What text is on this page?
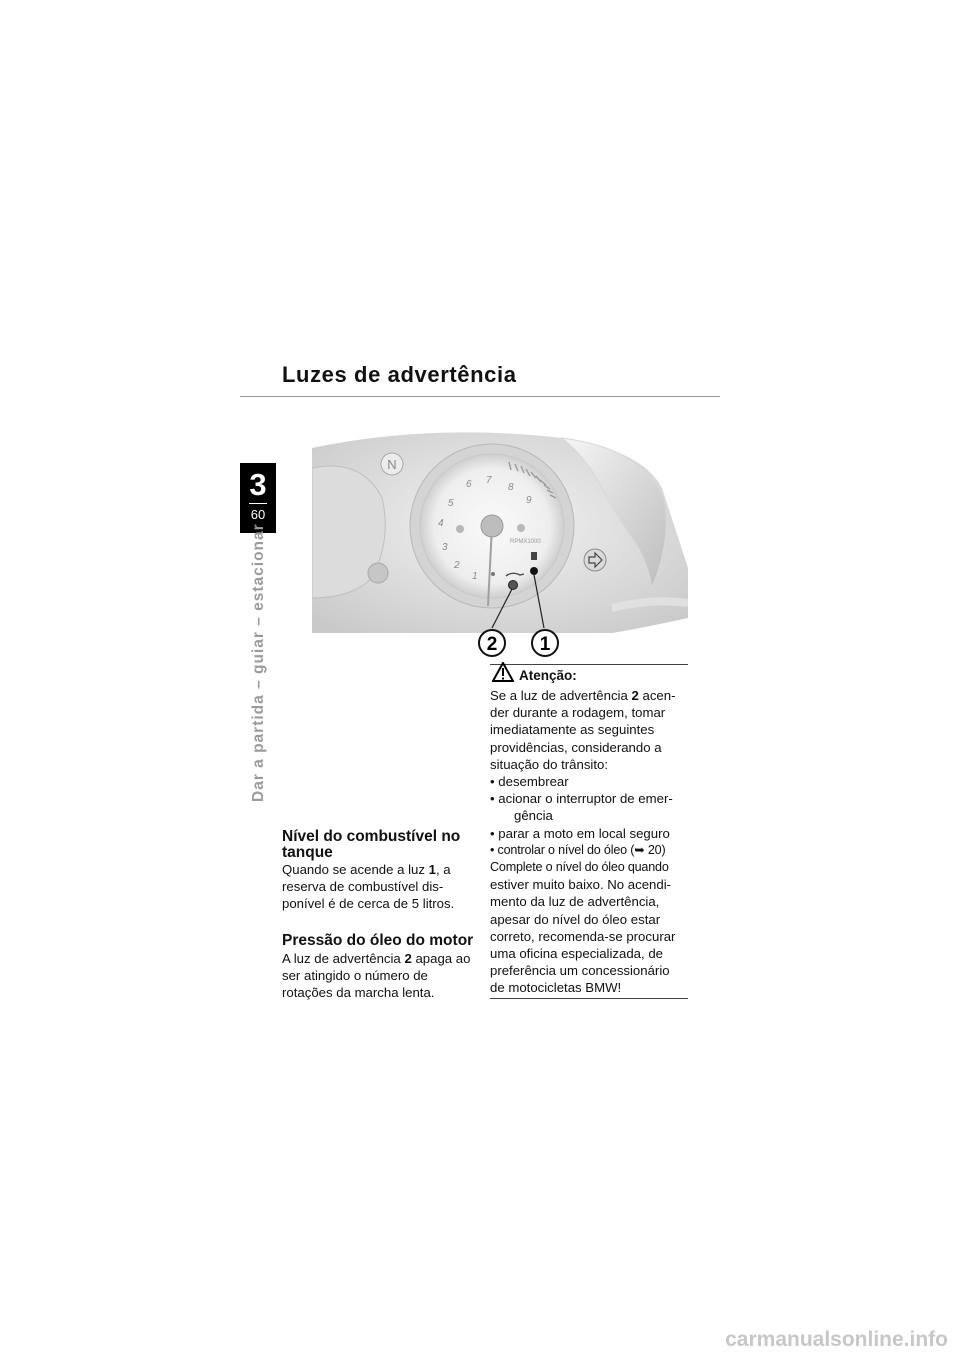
Luzes de advertência
3
60
Dar a partida – guiar – estacionar
N
1
2
3
4
5
6 7
8
9
RPMX1000
2 1
Nível do combustível no
tanque
Quando se acende a luz 1, a
reserva de combustível dis-
ponível é de cerca de 5 litros.
Pressão do óleo do motor
A luz de advertência 2 apaga ao
ser atingido o número de
rotações da marcha lenta.
Atenção:
Se a luz de advertência 2 acen-
der durante a rodagem, tomar
imediatamente as seguintes
providências, considerando a
situação do trânsito:
• desembrear
• acionar o interruptor de emer-
gência
• parar a moto em local seguro
• controlar o nível do óleo (➥ 20)
Complete o nível do óleo quando
estiver muito baixo. No acendi-
mento da luz de advertência,
apesar do nível do óleo estar
correto, recomenda-se procurar
uma oficina especializada, de
preferência um concessionário
de motocicletas BMW!
carmanualsonline.info
